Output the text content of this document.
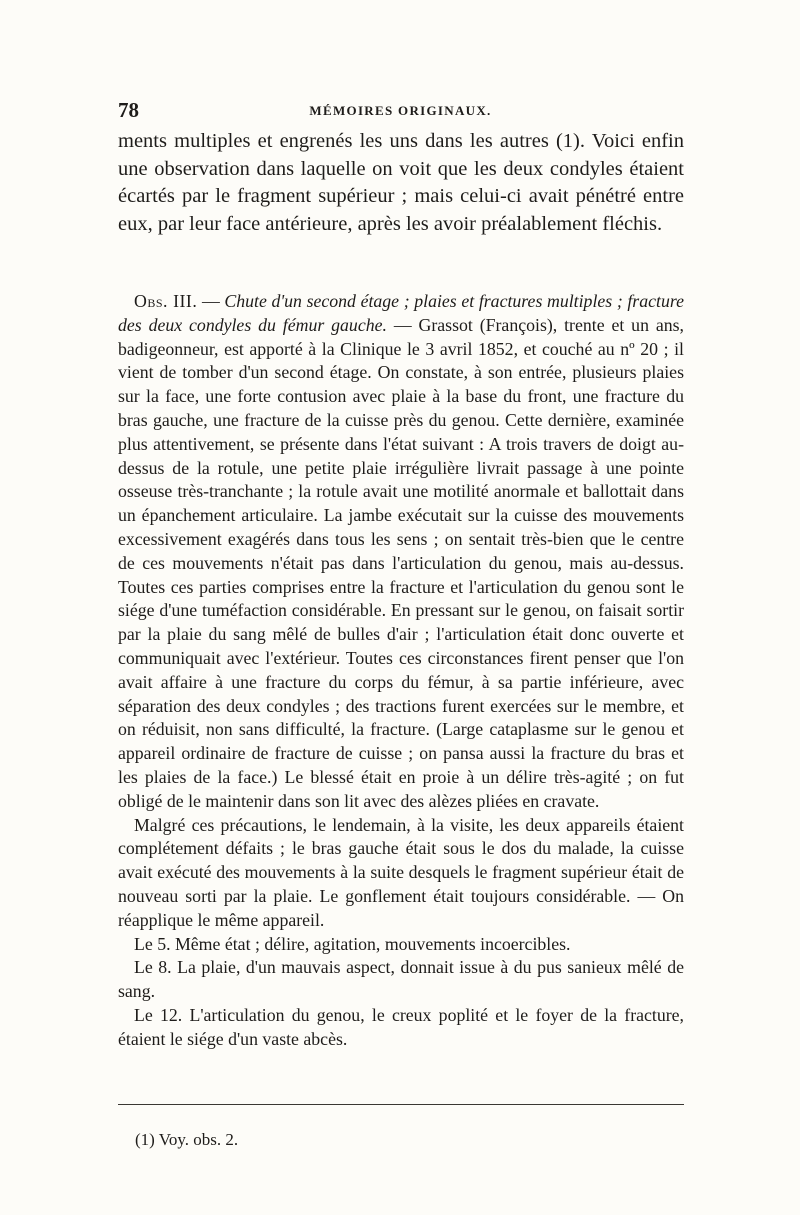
78	MÉMOIRES ORIGINAUX.

ments multiples et engrenés les uns dans les autres (1). Voici enfin une observation dans laquelle on voit que les deux condyles étaient écartés par le fragment supérieur ; mais celui-ci avait pénétré entre eux, par leur face antérieure, après les avoir préalablement fléchis.

Obs. III. — Chute d'un second étage ; plaies et fractures multiples ; fracture des deux condyles du fémur gauche. — Grassot (François), trente et un ans, badigeonneur, est apporté à la Clinique le 3 avril 1852, et couché au nº 20 ; il vient de tomber d'un second étage. On constate, à son entrée, plusieurs plaies sur la face, une forte contusion avec plaie à la base du front, une fracture du bras gauche, une fracture de la cuisse près du genou. Cette dernière, examinée plus attentivement, se présente dans l'état suivant : A trois travers de doigt au-dessus de la rotule, une petite plaie irrégulière livrait passage à une pointe osseuse très-tranchante ; la rotule avait une motilité anormale et ballottait dans un épanchement articulaire. La jambe exécutait sur la cuisse des mouvements excessivement exagérés dans tous les sens ; on sentait très-bien que le centre de ces mouvements n'était pas dans l'articulation du genou, mais au-dessus. Toutes ces parties comprises entre la fracture et l'articulation du genou sont le siége d'une tuméfaction considérable. En pressant sur le genou, on faisait sortir par la plaie du sang mêlé de bulles d'air ; l'articulation était donc ouverte et communiquait avec l'extérieur. Toutes ces circonstances firent penser que l'on avait affaire à une fracture du corps du fémur, à sa partie inférieure, avec séparation des deux condyles ; des tractions furent exercées sur le membre, et on réduisit, non sans difficulté, la fracture. (Large cataplasme sur le genou et appareil ordinaire de fracture de cuisse ; on pansa aussi la fracture du bras et les plaies de la face.) Le blessé était en proie à un délire très-agité ; on fut obligé de le maintenir dans son lit avec des alèzes pliées en cravate.

Malgré ces précautions, le lendemain, à la visite, les deux appareils étaient complétement défaits ; le bras gauche était sous le dos du malade, la cuisse avait exécuté des mouvements à la suite desquels le fragment supérieur était de nouveau sorti par la plaie. Le gonflement était toujours considérable. — On réapplique le même appareil.

Le 5. Même état ; délire, agitation, mouvements incoercibles.

Le 8. La plaie, d'un mauvais aspect, donnait issue à du pus sanieux mêlé de sang.

Le 12. L'articulation du genou, le creux poplité et le foyer de la fracture, étaient le siége d'un vaste abcès.

(1) Voy. obs. 2.
